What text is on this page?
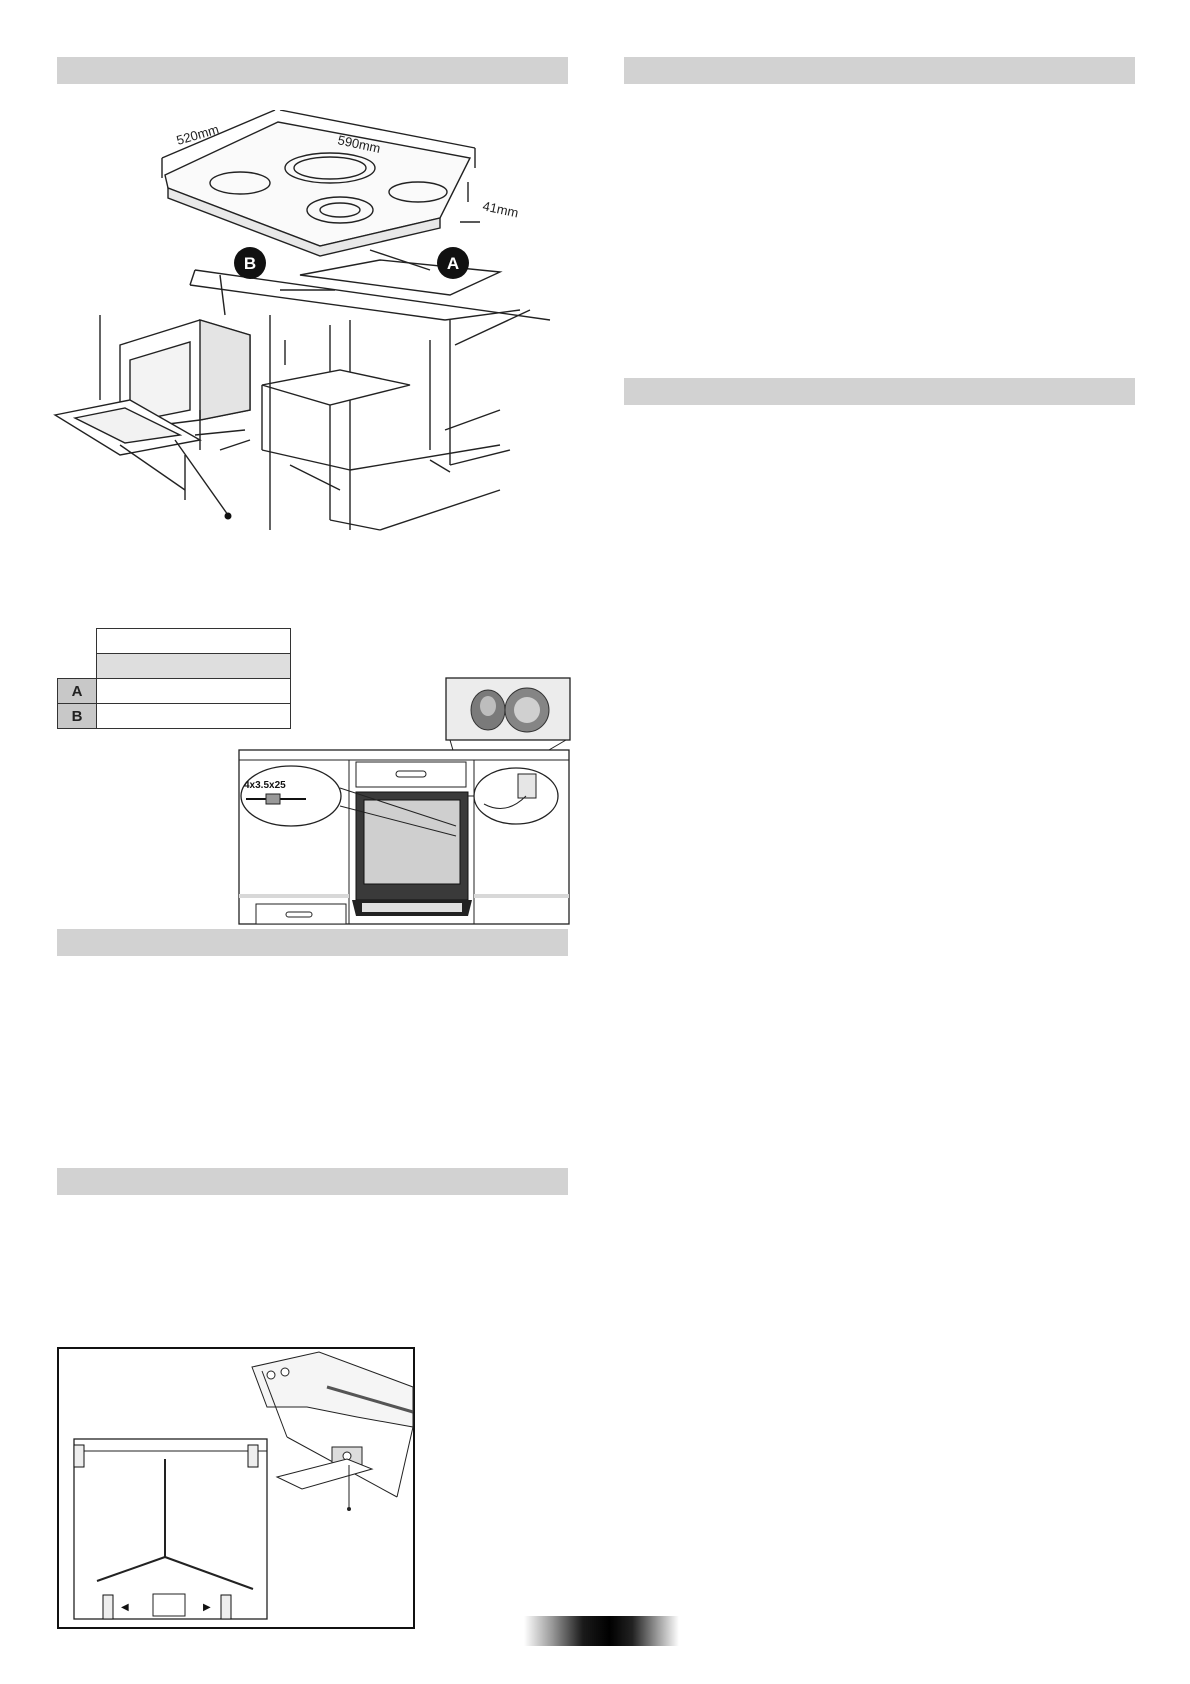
520mm	590mm
41mm
A
B

A	
B	
4x3.5x25
◀	▶
